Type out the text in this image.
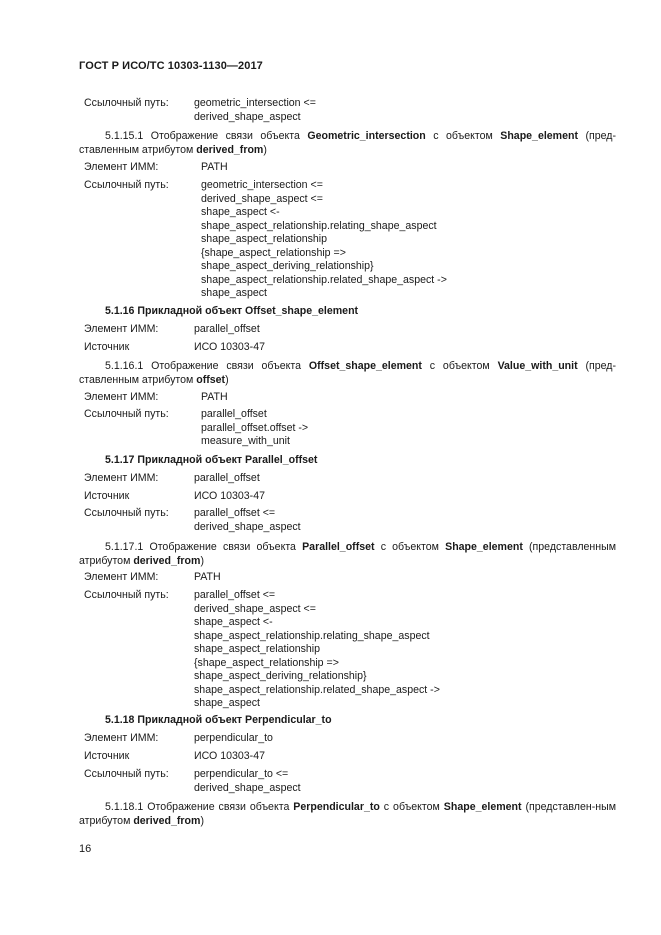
ГОСТ Р ИСО/ТС 10303-1130—2017
Ссылочный путь: geometric_intersection <=
derived_shape_aspect
5.1.15.1 Отображение связи объекта Geometric_intersection с объектом Shape_element (пред-ставленным атрибутом derived_from)
Элемент ИММ:	PATH
Ссылочный путь:	geometric_intersection <=
derived_shape_aspect <=
shape_aspect <-
shape_aspect_relationship.relating_shape_aspect
shape_aspect_relationship
{shape_aspect_relationship =>
shape_aspect_deriving_relationship}
shape_aspect_relationship.related_shape_aspect ->
shape_aspect
5.1.16 Прикладной объект Offset_shape_element
Элемент ИММ:	parallel_offset
Источник	ИСО 10303-47
5.1.16.1 Отображение связи объекта Offset_shape_element с объектом Value_with_unit (пред-ставленным атрибутом offset)
Элемент ИММ:	PATH
Ссылочный путь:	parallel_offset
parallel_offset.offset ->
measure_with_unit
5.1.17 Прикладной объект Parallel_offset
Элемент ИММ:	parallel_offset
Источник	ИСО 10303-47
Ссылочный путь: parallel_offset <=
derived_shape_aspect
5.1.17.1 Отображение связи объекта Parallel_offset с объектом Shape_element (представленным атрибутом derived_from)
Элемент ИММ:	PATH
Ссылочный путь: parallel_offset <=
derived_shape_aspect <=
shape_aspect <-
shape_aspect_relationship.relating_shape_aspect
shape_aspect_relationship
{shape_aspect_relationship =>
shape_aspect_deriving_relationship}
shape_aspect_relationship.related_shape_aspect ->
shape_aspect
5.1.18 Прикладной объект Perpendicular_to
Элемент ИММ:	perpendicular_to
Источник	ИСО 10303-47
Ссылочный путь: perpendicular_to <=
derived_shape_aspect
5.1.18.1 Отображение связи объекта Perpendicular_to с объектом Shape_element (представлен-ным атрибутом derived_from)
16
